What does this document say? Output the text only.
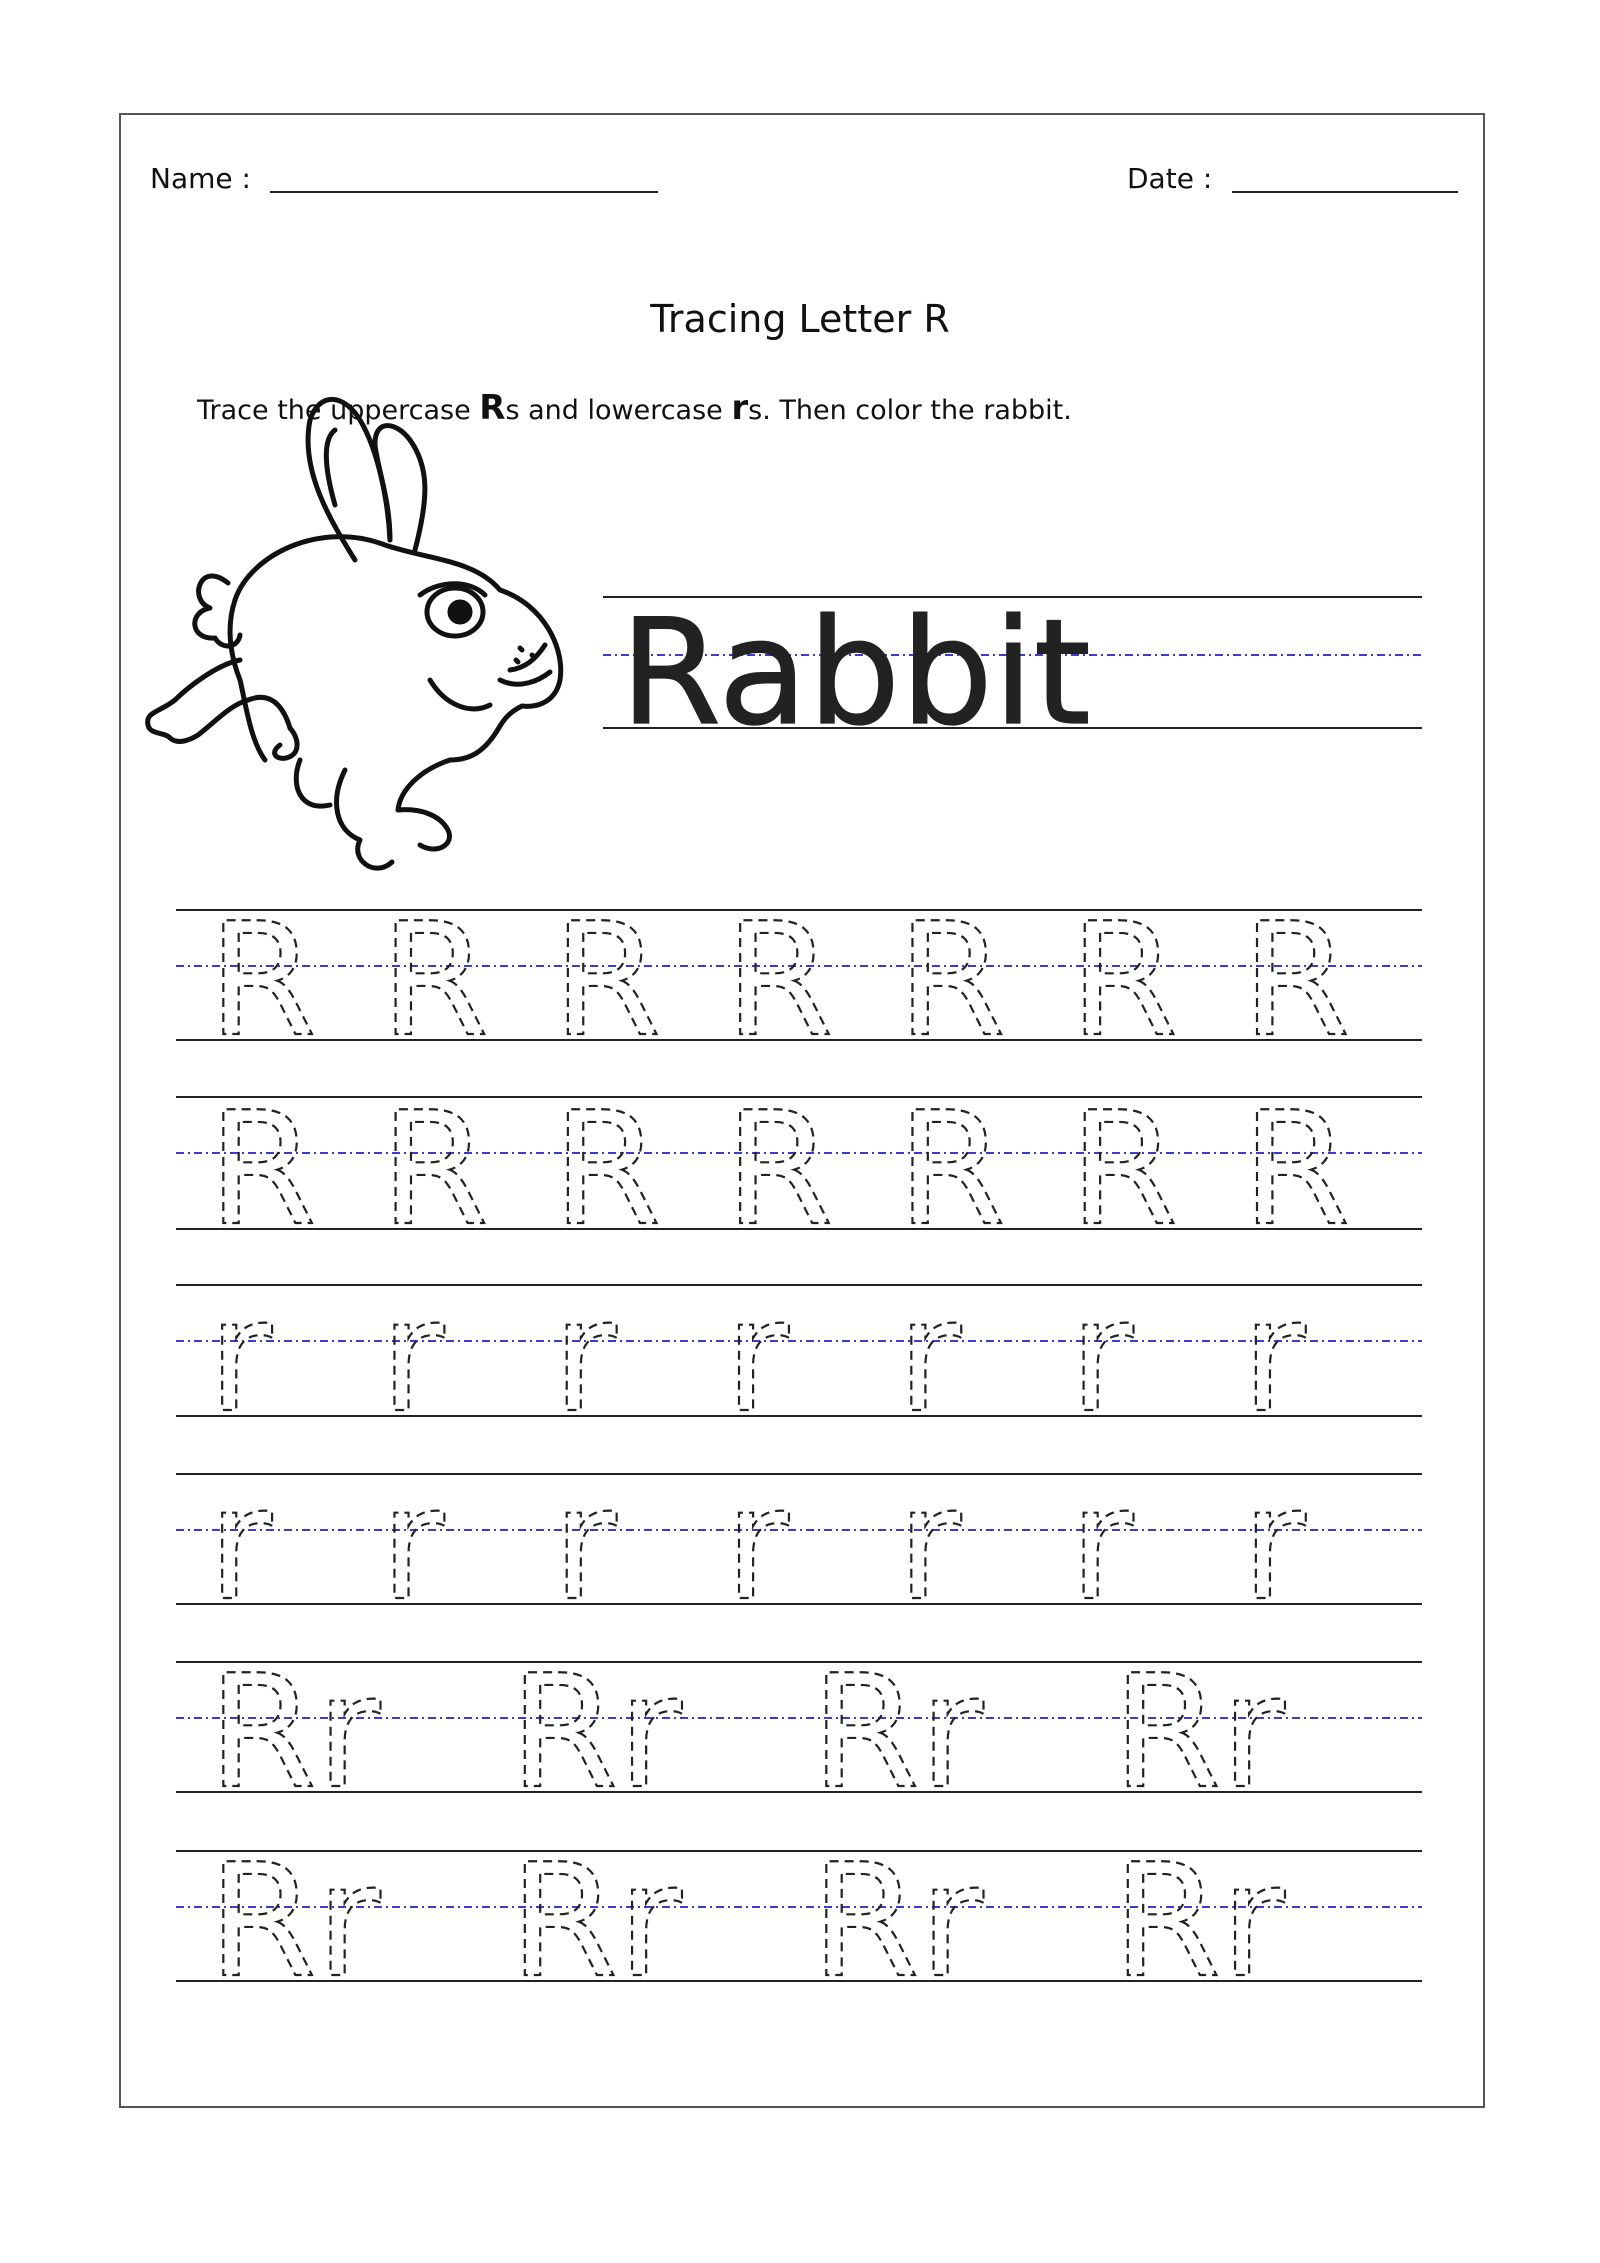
Name :	Date :
Tracing Letter R
Trace the uppercase Rs and lowercase rs. Then color the rabbit.
Rabbit
R R R R R R R
R R R R R R R
r r r r r r r
r r r r r r r
Rr Rr Rr Rr
Rr Rr Rr Rr
